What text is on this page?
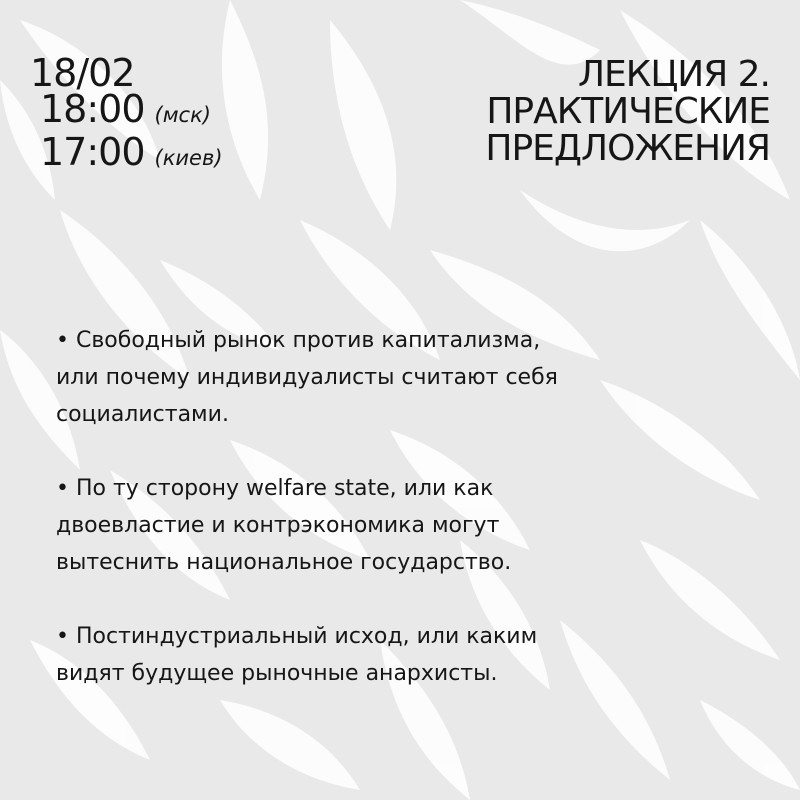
18/02
18:00 (мск)
17:00 (киев)
ЛЕКЦИЯ 2.
ПРАКТИЧЕСКИЕ
ПРЕДЛОЖЕНИЯ

• Свободный рынок против капитализма,

или почему индивидуалисты считают себя

социалистами.

• По ту сторону welfare state, или как

двоевластие и контрэкономика могут

вытеснить национальное государство.

• Постиндустриальный исход, или каким

видят будущее рыночные анархисты.
